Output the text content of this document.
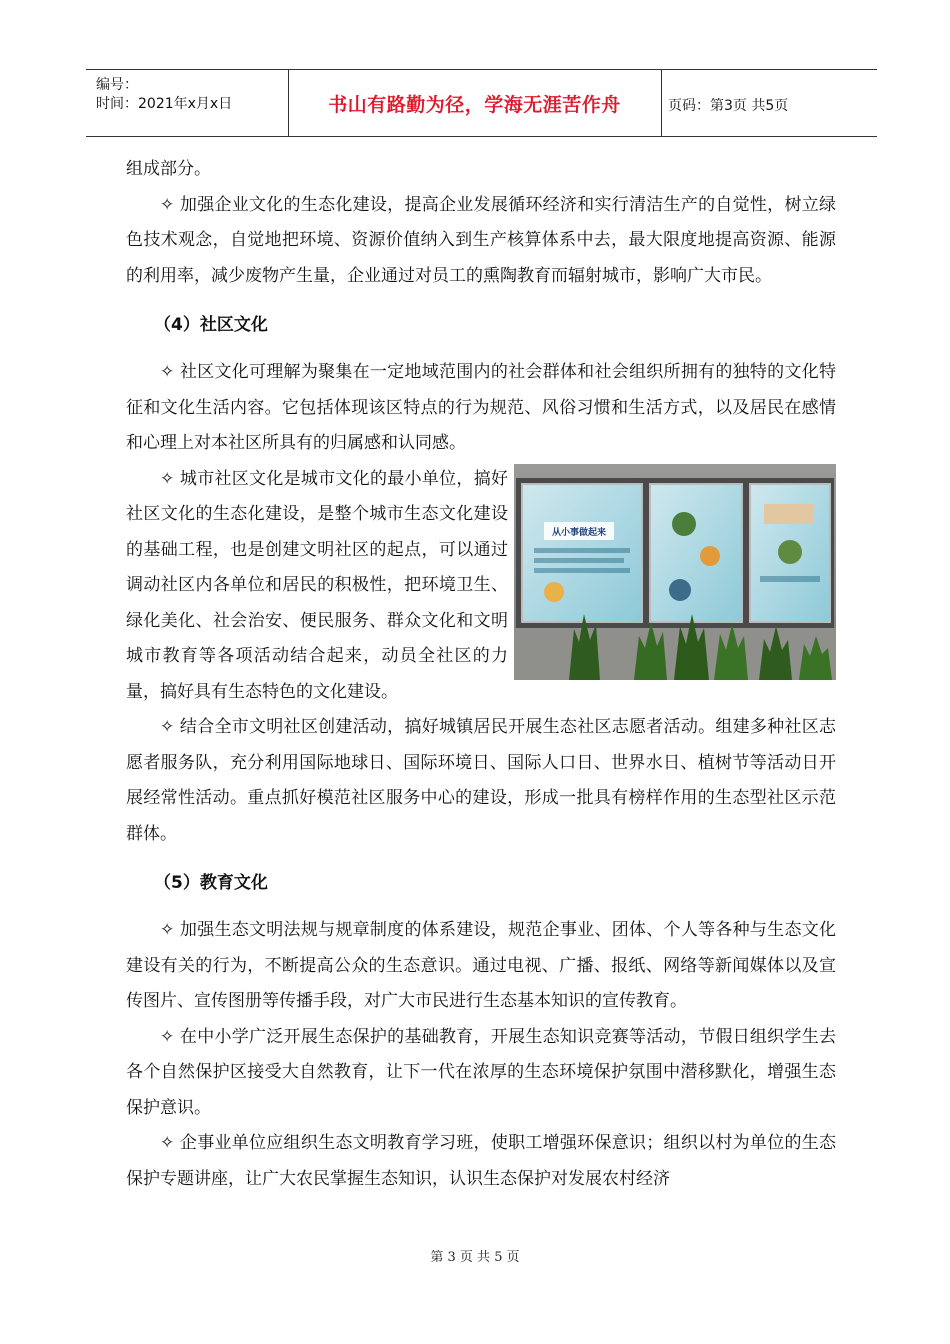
编号：
时间：2021年x月x日	书山有路勤为径，学海无涯苦作舟	页码：第3页 共5页

组成部分。

✧ 加强企业文化的生态化建设，提高企业发展循环经济和实行清洁生产的自觉性，树立绿色技术观念，自觉地把环境、资源价值纳入到生产核算体系中去，最大限度地提高资源、能源的利用率，减少废物产生量，企业通过对员工的熏陶教育而辐射城市，影响广大市民。

（4）社区文化

✧ 社区文化可理解为聚集在一定地域范围内的社会群体和社会组织所拥有的独特的文化特征和文化生活内容。它包括体现该区特点的行为规范、风俗习惯和生活方式，以及居民在感情和心理上对本社区所具有的归属感和认同感。

从小事做起来

✧ 城市社区文化是城市文化的最小单位，搞好社区文化的生态化建设，是整个城市生态文化建设的基础工程，也是创建文明社区的起点，可以通过调动社区内各单位和居民的积极性，把环境卫生、绿化美化、社会治安、便民服务、群众文化和文明城市教育等各项活动结合起来，动员全社区的力量，搞好具有生态特色的文化建设。

✧ 结合全市文明社区创建活动，搞好城镇居民开展生态社区志愿者活动。组建多种社区志愿者服务队，充分利用国际地球日、国际环境日、国际人口日、世界水日、植树节等活动日开展经常性活动。重点抓好模范社区服务中心的建设，形成一批具有榜样作用的生态型社区示范群体。

（5）教育文化

✧ 加强生态文明法规与规章制度的体系建设，规范企事业、团体、个人等各种与生态文化建设有关的行为，不断提高公众的生态意识。通过电视、广播、报纸、网络等新闻媒体以及宣传图片、宣传图册等传播手段，对广大市民进行生态基本知识的宣传教育。

✧ 在中小学广泛开展生态保护的基础教育，开展生态知识竞赛等活动，节假日组织学生去各个自然保护区接受大自然教育，让下一代在浓厚的生态环境保护氛围中潜移默化，增强生态保护意识。

✧ 企事业单位应组织生态文明教育学习班，使职工增强环保意识；组织以村为单位的生态保护专题讲座，让广大农民掌握生态知识，认识生态保护对发展农村经济

第 3 页 共 5 页
